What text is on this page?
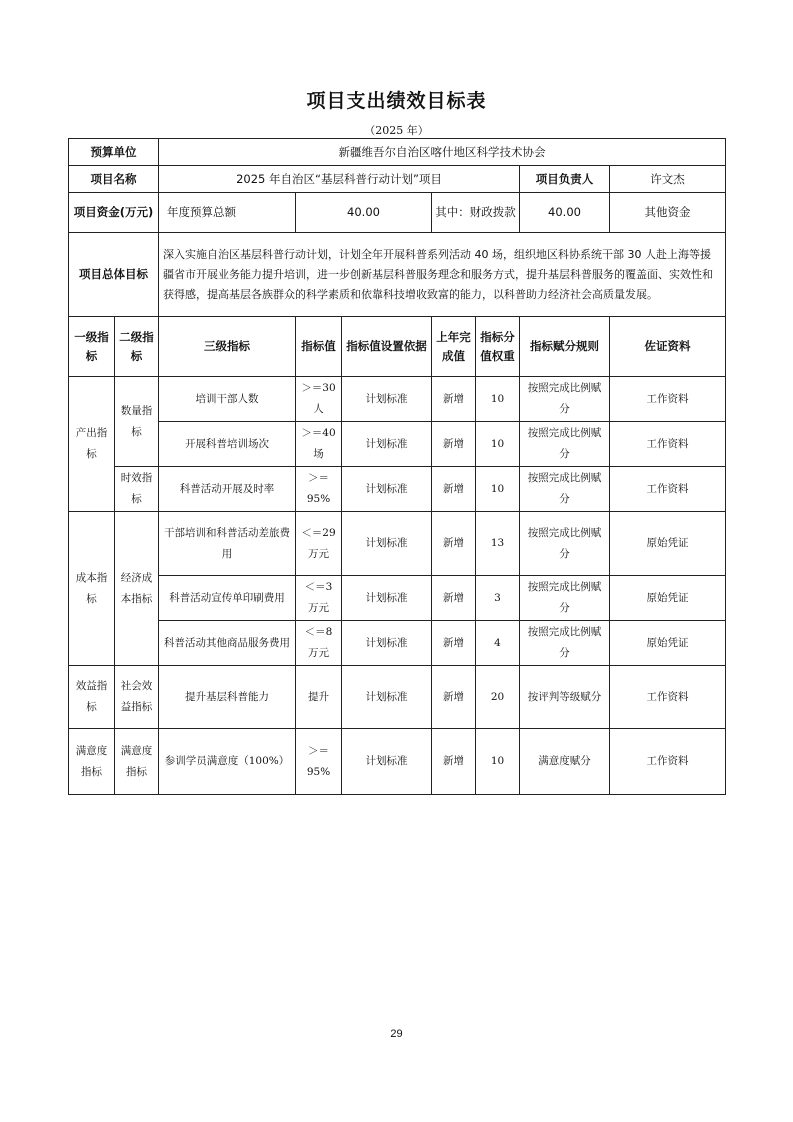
项目支出绩效目标表
（2025 年）
预算单位		新疆维吾尔自治区喀什地区科学技术协会							
项目名称		2025 年自治区“基层科普行动计划”项目					项目负责人	许文杰	
项目资金(万元)		年度预算总额	40.00		其中：财政拨款		40.00	其他资金	
项目总体目标		深入实施自治区基层科普行动计划，计划全年开展科普系列活动 40 场，组织地区科协系统干部 30 人赴上海等援疆省市开展业务能力提升培训，进一步创新基层科普服务理念和服务方式，提升基层科普服务的覆盖面、实效性和获得感，提高基层各族群众的科学素质和依靠科技增收致富的能力，以科普助力经济社会高质量发展。							
一级指标	二级指标	三级指标	指标值	指标值设置依据	上年完成值	指标分值权重	指标赋分规则	佐证资料	
产出指标	数量指标	培训干部人数	＞＝30 人	计划标准	新增	10	按照完成比例赋分	工作资料	
		开展科普培训场次	＞＝40 场	计划标准	新增	10	按照完成比例赋分	工作资料	
	时效指标	科普活动开展及时率	＞＝95%	计划标准	新增	10	按照完成比例赋分	工作资料	
成本指标	经济成本指标	干部培训和科普活动差旅费用	＜＝29 万元	计划标准	新增	13	按照完成比例赋分	原始凭证	
		科普活动宣传单印刷费用	＜＝3 万元	计划标准	新增	3	按照完成比例赋分	原始凭证	
		科普活动其他商品服务费用	＜＝8 万元	计划标准	新增	4	按照完成比例赋分	原始凭证	
效益指标	社会效益指标	提升基层科普能力	提升	计划标准	新增	20	按评判等级赋分	工作资料	
满意度指标	满意度指标	参训学员满意度（100%）	＞＝95%	计划标准	新增	10	满意度赋分	工作资料	
29
